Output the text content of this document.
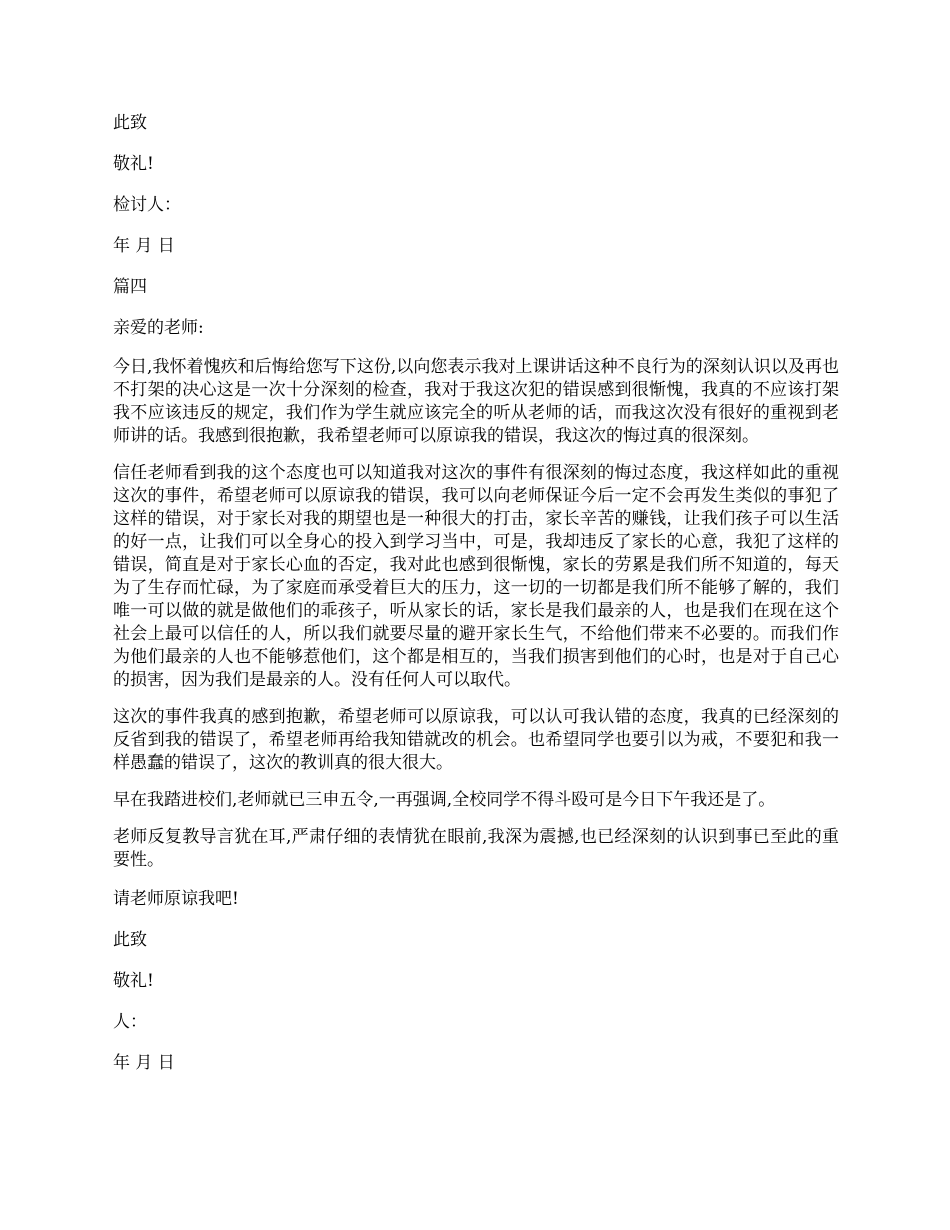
此致
敬礼!
检讨人：
年 月 日
篇四
亲爱的老师:

今日,我怀着愧疚和后悔给您写下这份,以向您表示我对上课讲话这种不良行为的深刻认识以及再也不打架的决心这是一次十分深刻的检查，我对于我这次犯的错误感到很惭愧，我真的不应该打架我不应该违反的规定，我们作为学生就应该完全的听从老师的话，而我这次没有很好的重视到老师讲的话。我感到很抱歉，我希望老师可以原谅我的错误，我这次的悔过真的很深刻。

信任老师看到我的这个态度也可以知道我对这次的事件有很深刻的悔过态度，我这样如此的重视这次的事件，希望老师可以原谅我的错误，我可以向老师保证今后一定不会再发生类似的事犯了这样的错误，对于家长对我的期望也是一种很大的打击，家长辛苦的赚钱，让我们孩子可以生活的好一点，让我们可以全身心的投入到学习当中，可是，我却违反了家长的心意，我犯了这样的错误，简直是对于家长心血的否定，我对此也感到很惭愧，家长的劳累是我们所不知道的，每天为了生存而忙碌，为了家庭而承受着巨大的压力，这一切的一切都是我们所不能够了解的，我们唯一可以做的就是做他们的乖孩子，听从家长的话，家长是我们最亲的人，也是我们在现在这个社会上最可以信任的人，所以我们就要尽量的避开家长生气，不给他们带来不必要的。而我们作为他们最亲的人也不能够惹他们，这个都是相互的，当我们损害到他们的心时，也是对于自己心的损害，因为我们是最亲的人。没有任何人可以取代。

这次的事件我真的感到抱歉，希望老师可以原谅我，可以认可我认错的态度，我真的已经深刻的反省到我的错误了，希望老师再给我知错就改的机会。也希望同学也要引以为戒，不要犯和我一样愚蠢的错误了，这次的教训真的很大很大。

早在我踏进校们,老师就已三申五令,一再强调,全校同学不得斗殴可是今日下午我还是了。

老师反复教导言犹在耳,严肃仔细的表情犹在眼前,我深为震撼,也已经深刻的认识到事已至此的重要性。

请老师原谅我吧!
此致
敬礼!
人：
年 月 日
